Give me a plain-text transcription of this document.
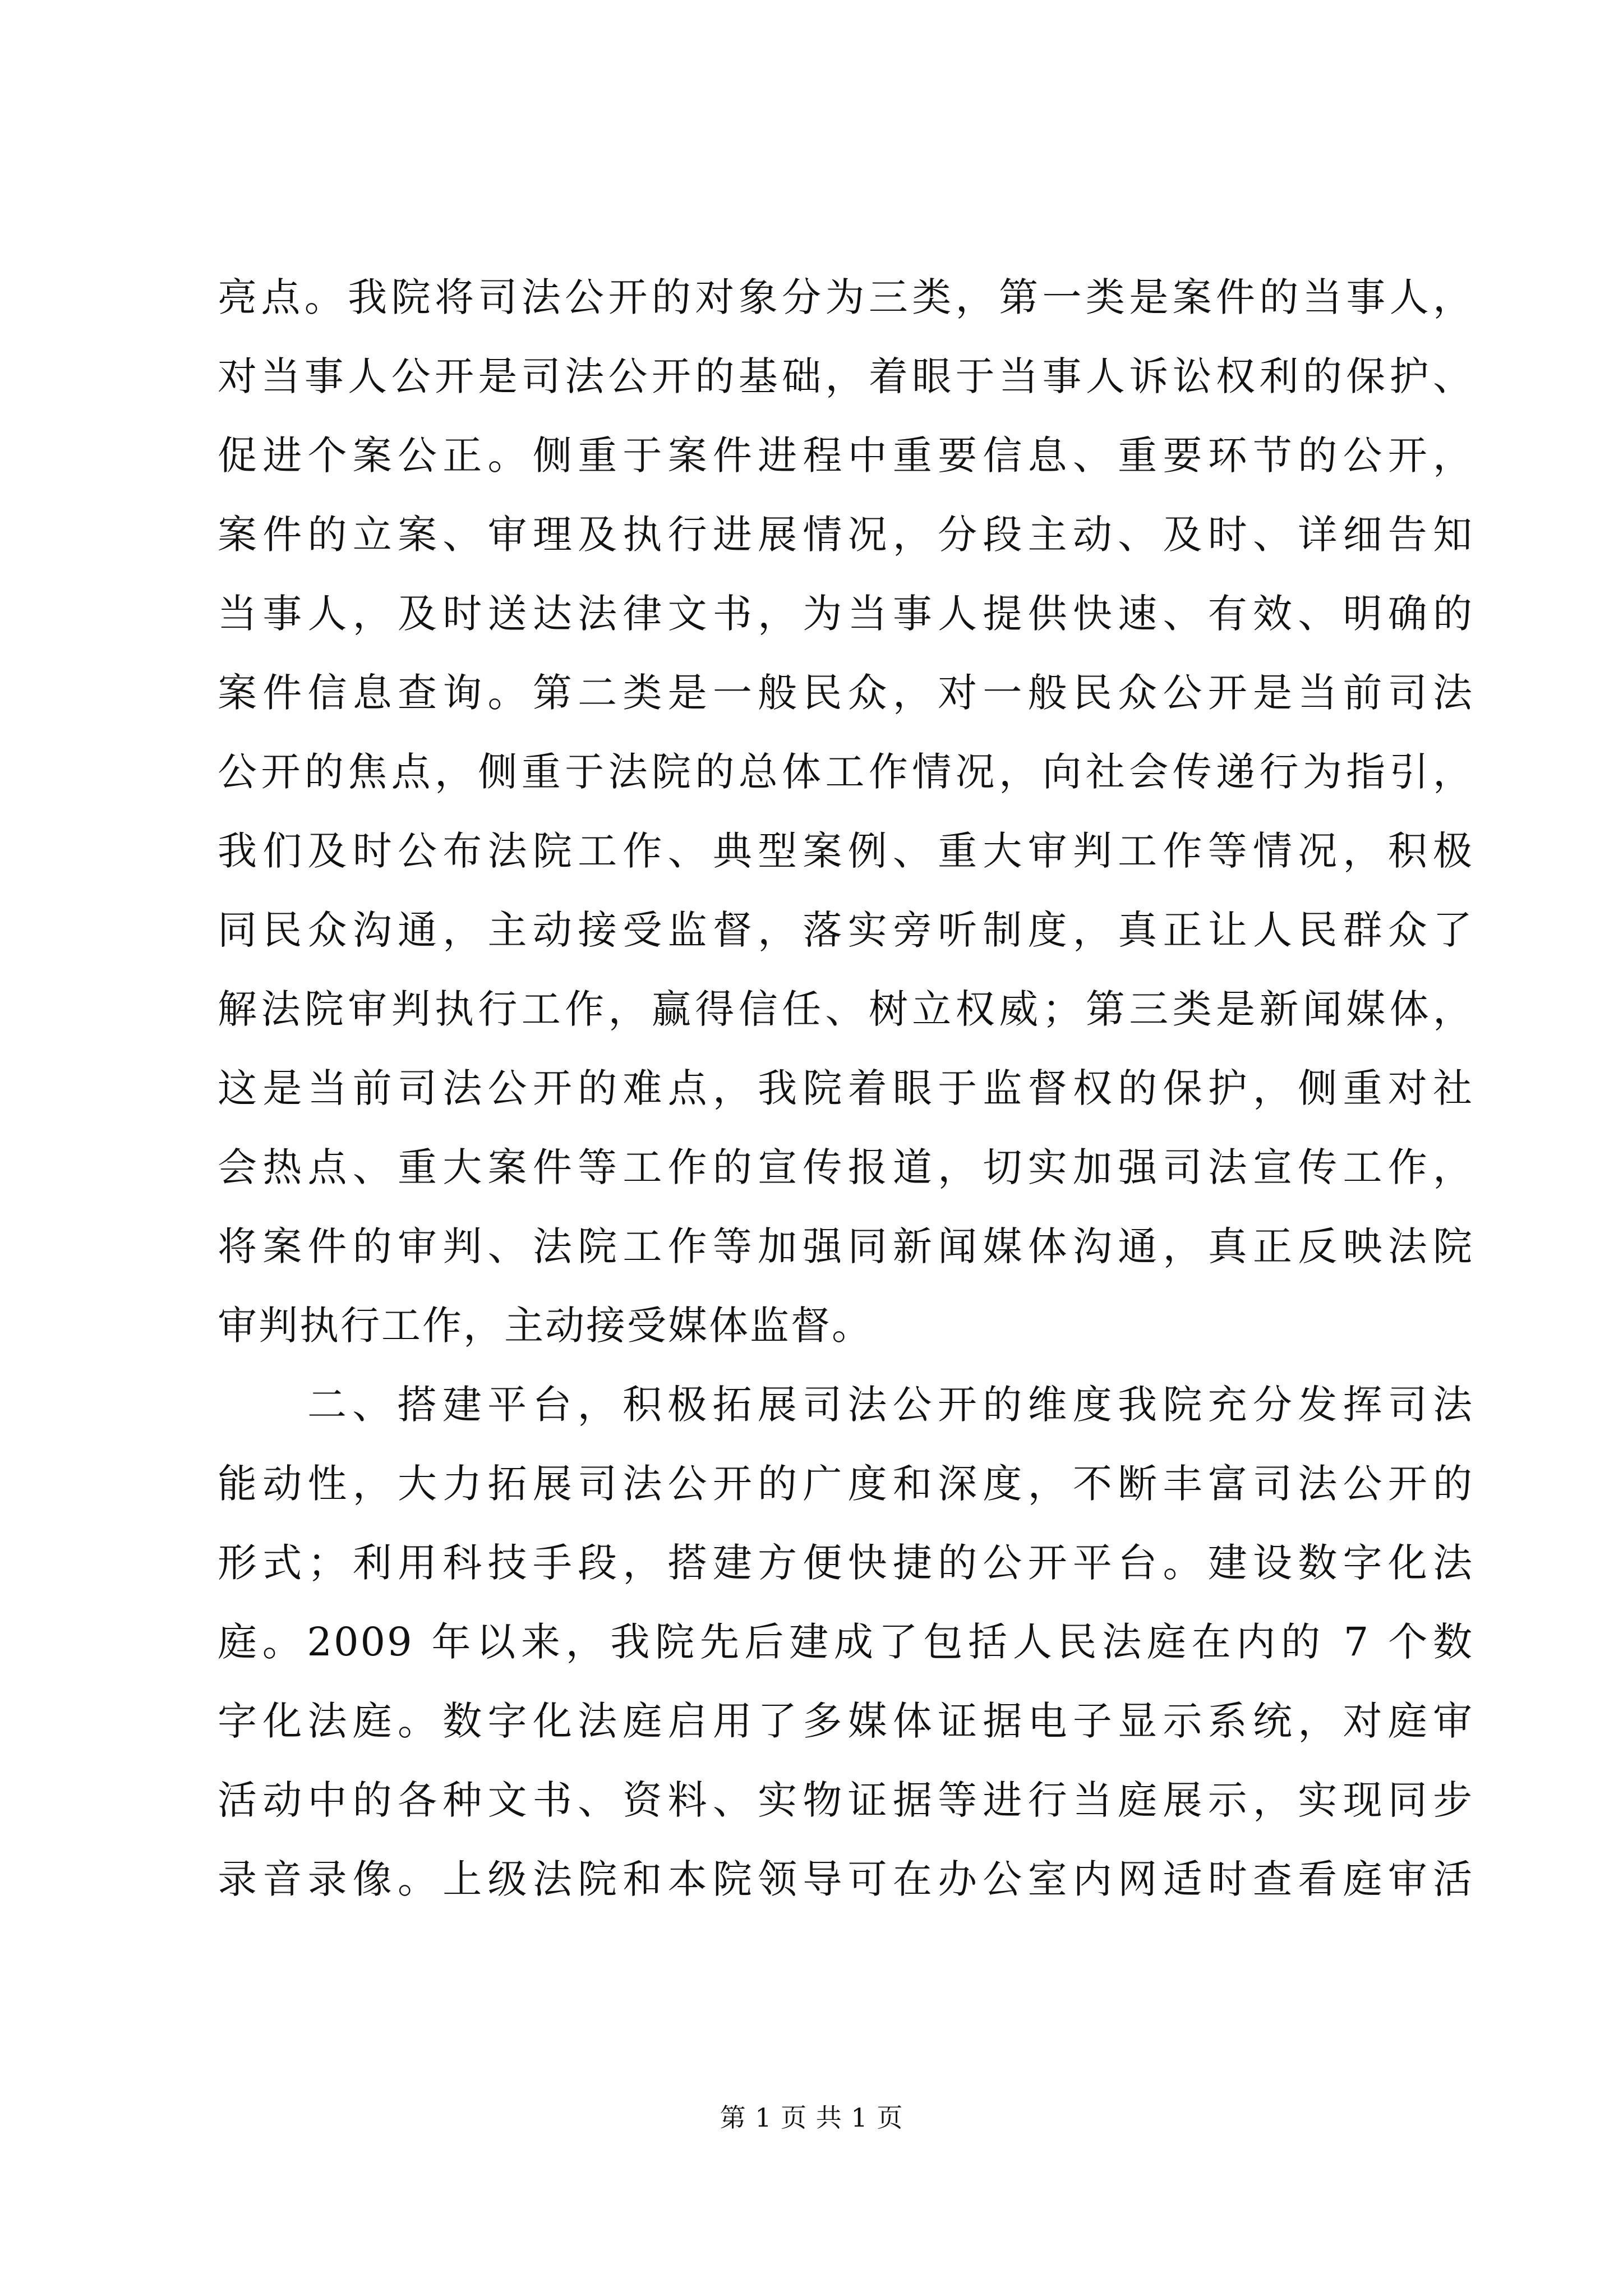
亮点。我院将司法公开的对象分为三类，第一类是案件的当事人，
对当事人公开是司法公开的基础，着眼于当事人诉讼权利的保护、
促进个案公正。侧重于案件进程中重要信息、重要环节的公开，
案件的立案、审理及执行进展情况，分段主动、及时、详细告知
当事人，及时送达法律文书，为当事人提供快速、有效、明确的
案件信息查询。第二类是一般民众，对一般民众公开是当前司法
公开的焦点，侧重于法院的总体工作情况，向社会传递行为指引，
我们及时公布法院工作、典型案例、重大审判工作等情况，积极
同民众沟通，主动接受监督，落实旁听制度，真正让人民群众了
解法院审判执行工作，赢得信任、树立权威；第三类是新闻媒体，
这是当前司法公开的难点，我院着眼于监督权的保护，侧重对社
会热点、重大案件等工作的宣传报道，切实加强司法宣传工作，
将案件的审判、法院工作等加强同新闻媒体沟通，真正反映法院
审判执行工作，主动接受媒体监督。
二、搭建平台，积极拓展司法公开的维度我院充分发挥司法
能动性，大力拓展司法公开的广度和深度，不断丰富司法公开的
形式；利用科技手段，搭建方便快捷的公开平台。建设数字化法
庭。2009 年以来，我院先后建成了包括人民法庭在内的 7 个数
字化法庭。数字化法庭启用了多媒体证据电子显示系统，对庭审
活动中的各种文书、资料、实物证据等进行当庭展示，实现同步
录音录像。上级法院和本院领导可在办公室内网适时查看庭审活
第 1 页 共 1 页
